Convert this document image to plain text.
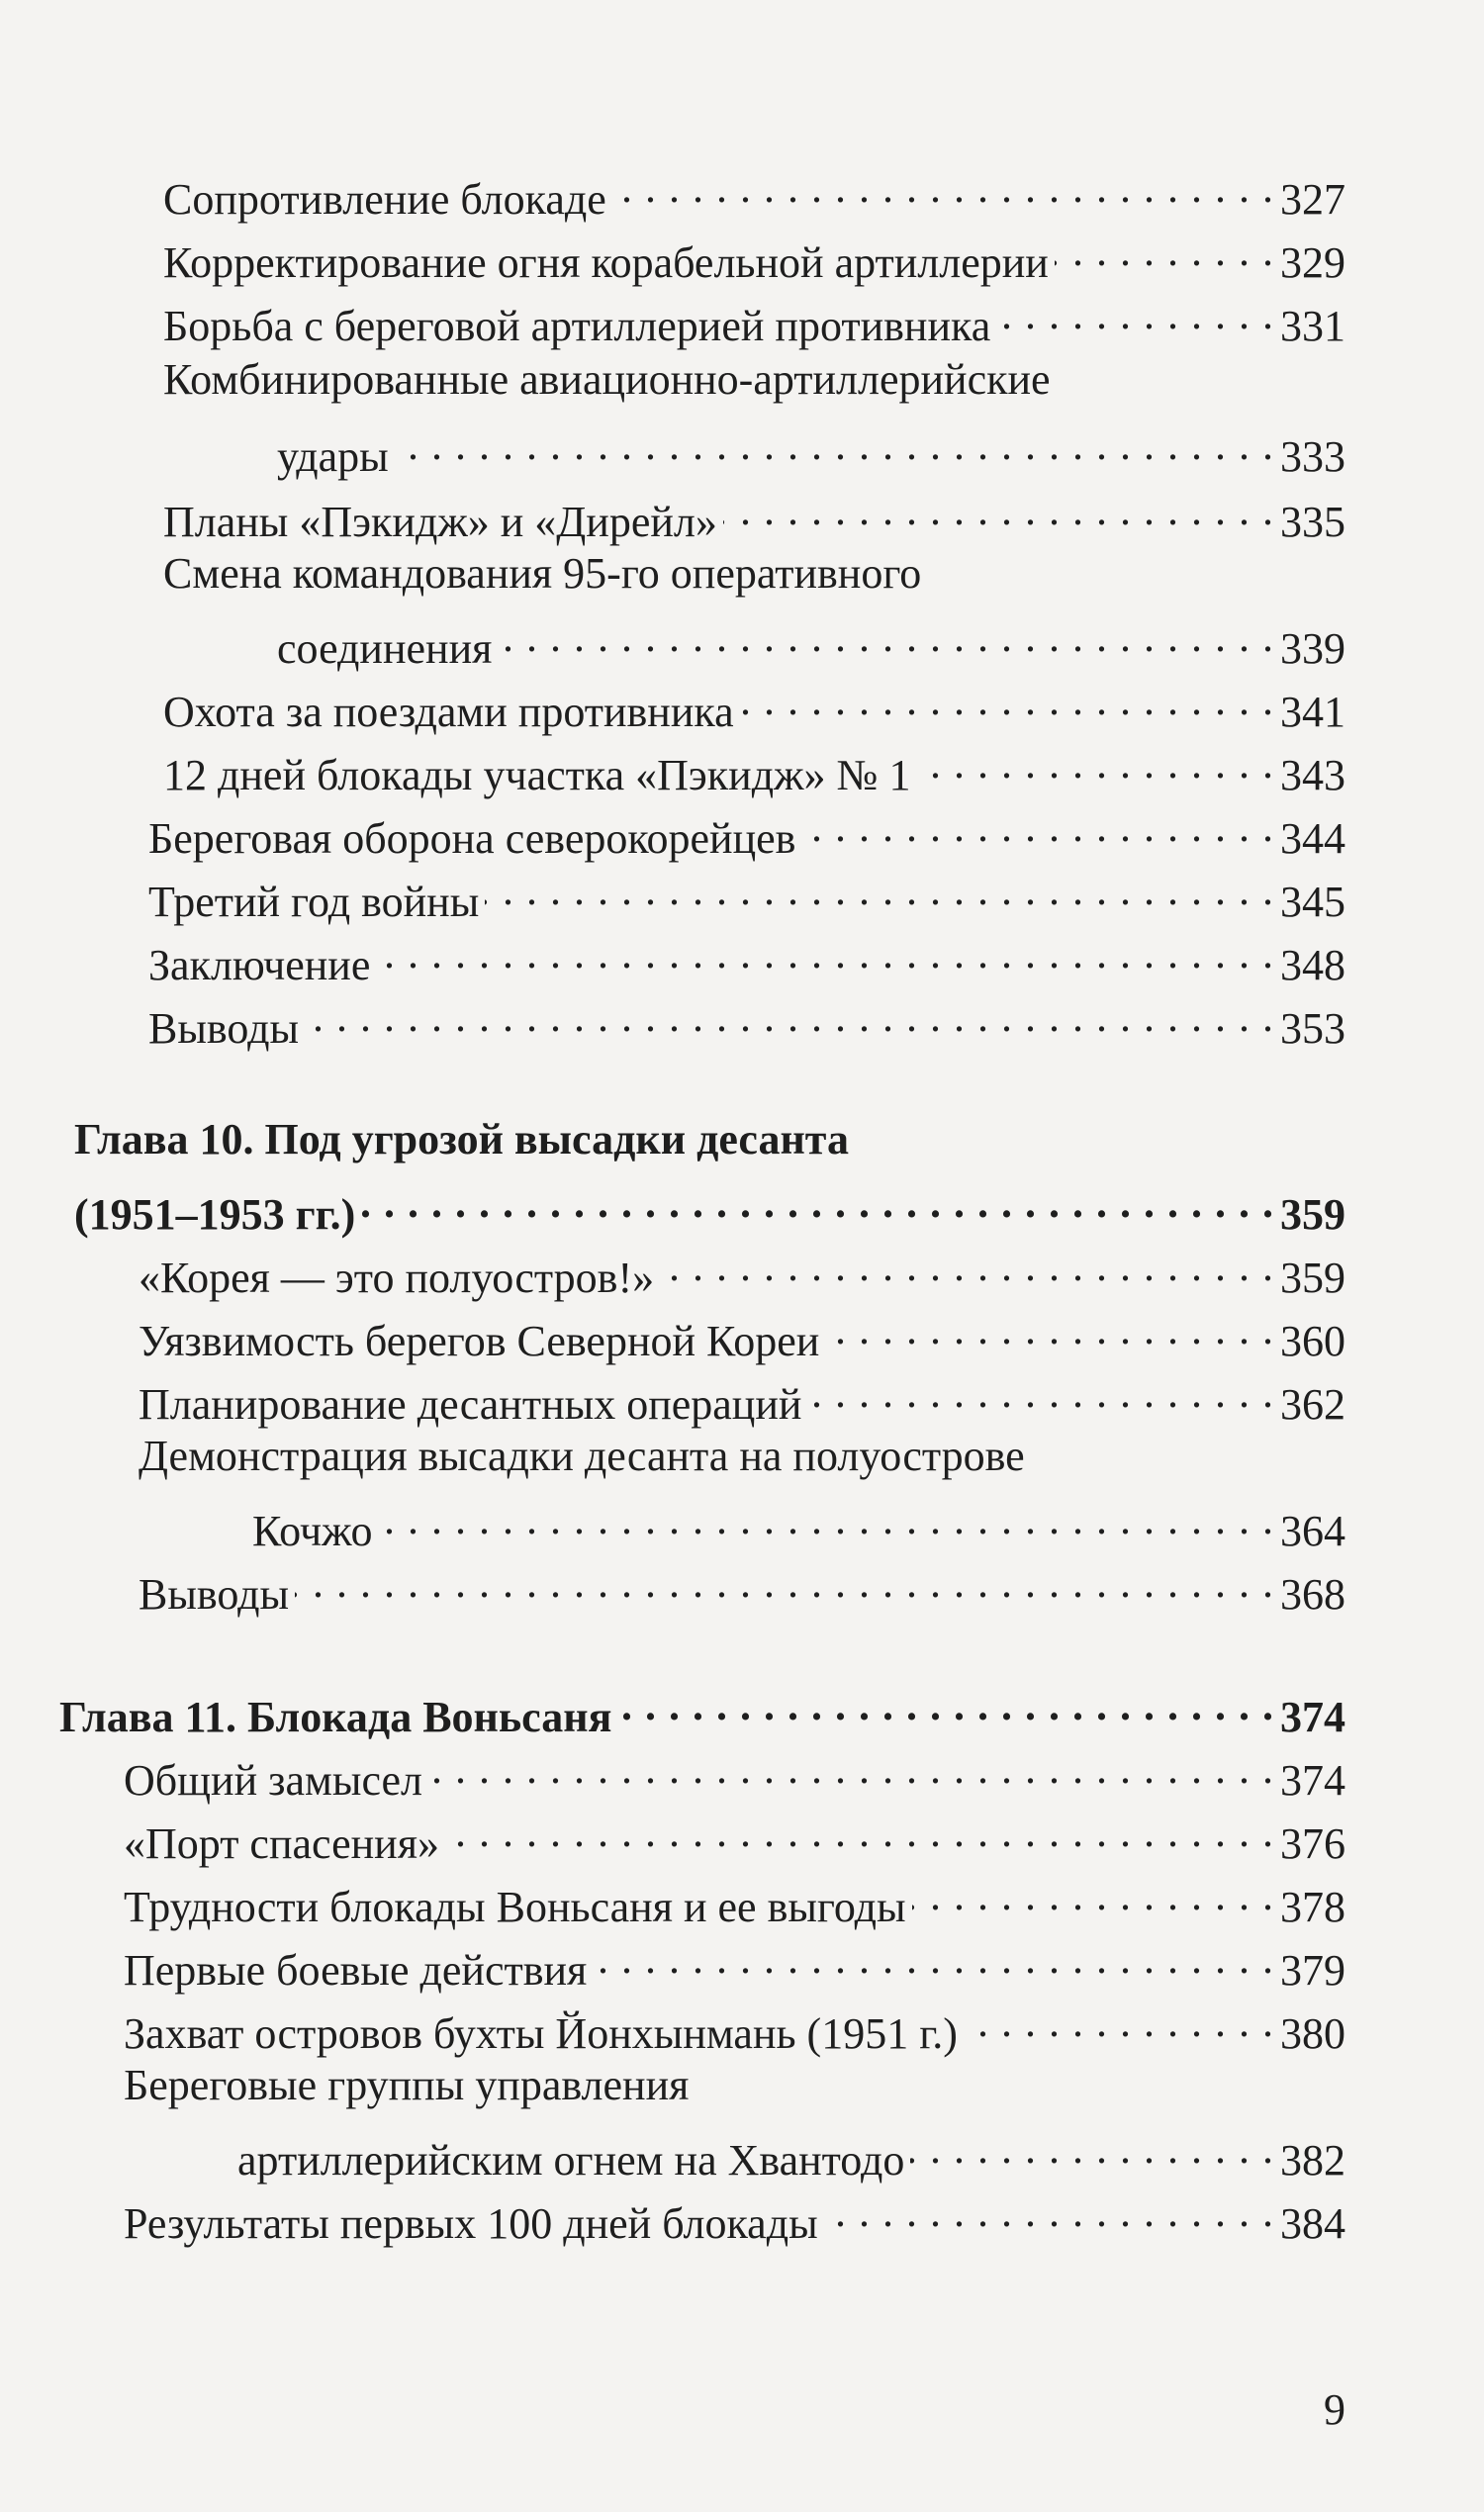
Сопротивление блокаде . . .	327
Корректирование огня корабельной артиллерии . . .	329
Борьба с береговой артиллерией противника . . .	331
Комбинированные авиационно-артиллерийские
удары . . .	333
Планы «Пэкидж» и «Дирейл» . . .	335
Смена командования 95-го оперативного
соединения . . .	339
Охота за поездами противника . . .	341
12 дней блокады участка «Пэкидж» № 1 . . .	343
Береговая оборона северокорейцев . . .	344
Третий год войны . . .	345
Заключение . . .	348
Выводы . . .	353
Глава 10. Под угрозой высадки десанта
(1951–1953 гг.) . . .	359
«Корея — это полуостров!» . . .	359
Уязвимость берегов Северной Кореи . . .	360
Планирование десантных операций . . .	362
Демонстрация высадки десанта на полуострове
Кочжо . . .	364
Выводы . . .	368
Глава 11. Блокада Воньсаня . . .	374
Общий замысел . . .	374
«Порт спасения» . . .	376
Трудности блокады Воньсаня и ее выгоды . . .	378
Первые боевые действия . . .	379
Захват островов бухты Йонхынмань (1951 г.) . . .	380
Береговые группы управления
артиллерийским огнем на Хвантодо . . .	382
Результаты первых 100 дней блокады . . .	384
9
